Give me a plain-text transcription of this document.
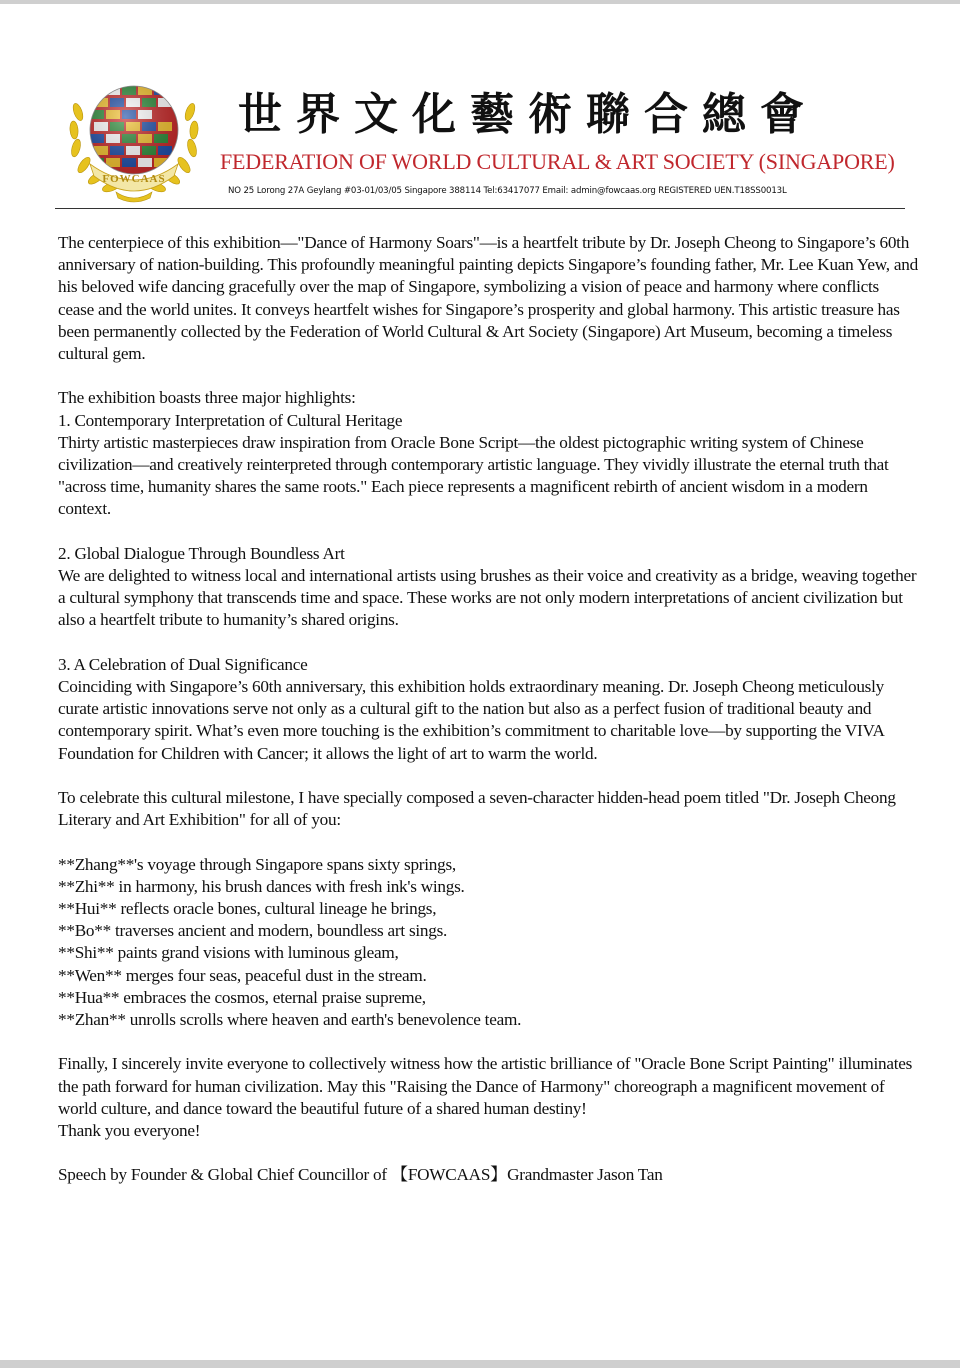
FOWCAAS
世界文化藝術聯合總會
FEDERATION OF WORLD CULTURAL & ART SOCIETY (SINGAPORE)
NO 25 Lorong 27A Geylang #03-01/03/05 Singapore 388114 Tel:63417077 Email: admin@fowcaas.org REGISTERED UEN.T18SS0013L

The centerpiece of this exhibition—"Dance of Harmony Soars"—is a heartfelt tribute by Dr. Joseph Cheong to Singapore’s 60th anniversary of nation-building. This profoundly meaningful painting depicts Singapore’s founding father, Mr. Lee Kuan Yew, and his beloved wife dancing gracefully over the map of Singapore, symbolizing a vision of peace and harmony where conflicts cease and the world unites. It conveys heartfelt wishes for Singapore’s prosperity and global harmony. This artistic treasure has been permanently collected by the Federation of World Cultural & Art Society (Singapore) Art Museum, becoming a timeless cultural gem.

The exhibition boasts three major highlights:

1. Contemporary Interpretation of Cultural Heritage

Thirty artistic masterpieces draw inspiration from Oracle Bone Script—the oldest pictographic writing system of Chinese civilization—and creatively reinterpreted through contemporary artistic language. They vividly illustrate the eternal truth that "across time, humanity shares the same roots." Each piece represents a magnificent rebirth of ancient wisdom in a modern context.

2. Global Dialogue Through Boundless Art

We are delighted to witness local and international artists using brushes as their voice and creativity as a bridge, weaving together a cultural symphony that transcends time and space. These works are not only modern interpretations of ancient civilization but also a heartfelt tribute to humanity’s shared origins.

3. A Celebration of Dual Significance

Coinciding with Singapore’s 60th anniversary, this exhibition holds extraordinary meaning. Dr. Joseph Cheong meticulously curate artistic innovations serve not only as a cultural gift to the nation but also as a perfect fusion of traditional beauty and contemporary spirit. What’s even more touching is the exhibition’s commitment to charitable love—by supporting the VIVA Foundation for Children with Cancer; it allows the light of art to warm the world.

To celebrate this cultural milestone, I have specially composed a seven-character hidden-head poem titled "Dr. Joseph Cheong Literary and Art Exhibition" for all of you:

**Zhang**'s voyage through Singapore spans sixty springs,

**Zhi** in harmony, his brush dances with fresh ink's wings.

**Hui** reflects oracle bones, cultural lineage he brings,

**Bo** traverses ancient and modern, boundless art sings.

**Shi** paints grand visions with luminous gleam,

**Wen** merges four seas, peaceful dust in the stream.

**Hua** embraces the cosmos, eternal praise supreme,

**Zhan** unrolls scrolls where heaven and earth's benevolence team.

Finally, I sincerely invite everyone to collectively witness how the artistic brilliance of "Oracle Bone Script Painting" illuminates the path forward for human civilization. May this "Raising the Dance of Harmony" choreograph a magnificent movement of world culture, and dance toward the beautiful future of a shared human destiny!

Thank you everyone!

Speech by Founder & Global Chief Councillor of 【FOWCAAS】Grandmaster Jason Tan
